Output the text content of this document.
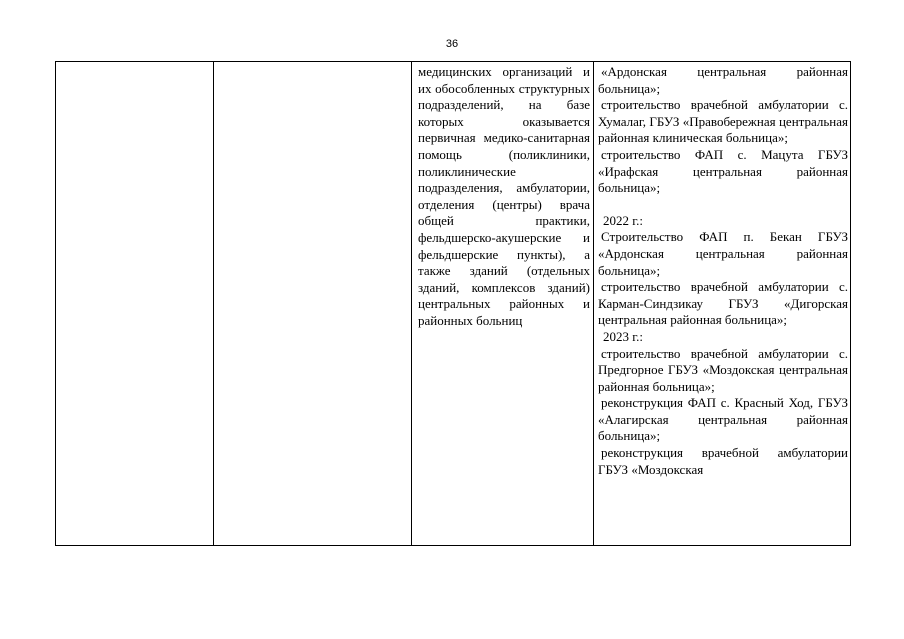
36

медицинских организаций и их обособленных структурных подразделений, на базе которых оказывается первичная медико-санитарная помощь (поликлиники, поликлинические подразделения, амбулатории, отделения (центры) врача общей практики, фельдшерско-акушерские и фельдшерские пункты), а также зданий (отдельных зданий, комплексов зданий) центральных районных и районных больниц

«Ардонская центральная районная больница»;
строительство врачебной амбулатории с. Хумалаг, ГБУЗ «Правобережная центральная районная клиническая больница»;
строительство ФАП с. Мацута ГБУЗ «Ирафская центральная районная больница»;
2022 г.:
Строительство ФАП п. Бекан ГБУЗ «Ардонская центральная районная больница»;
строительство врачебной амбулатории с. Карман-Синдзикау ГБУЗ «Дигорская центральная районная больница»;
2023 г.:
строительство врачебной амбулатории с. Предгорное ГБУЗ «Моздокская центральная районная больница»;
реконструкция ФАП с. Красный Ход, ГБУЗ «Алагирская центральная районная больница»;
реконструкция врачебной амбулатории ГБУЗ «Моздокская
